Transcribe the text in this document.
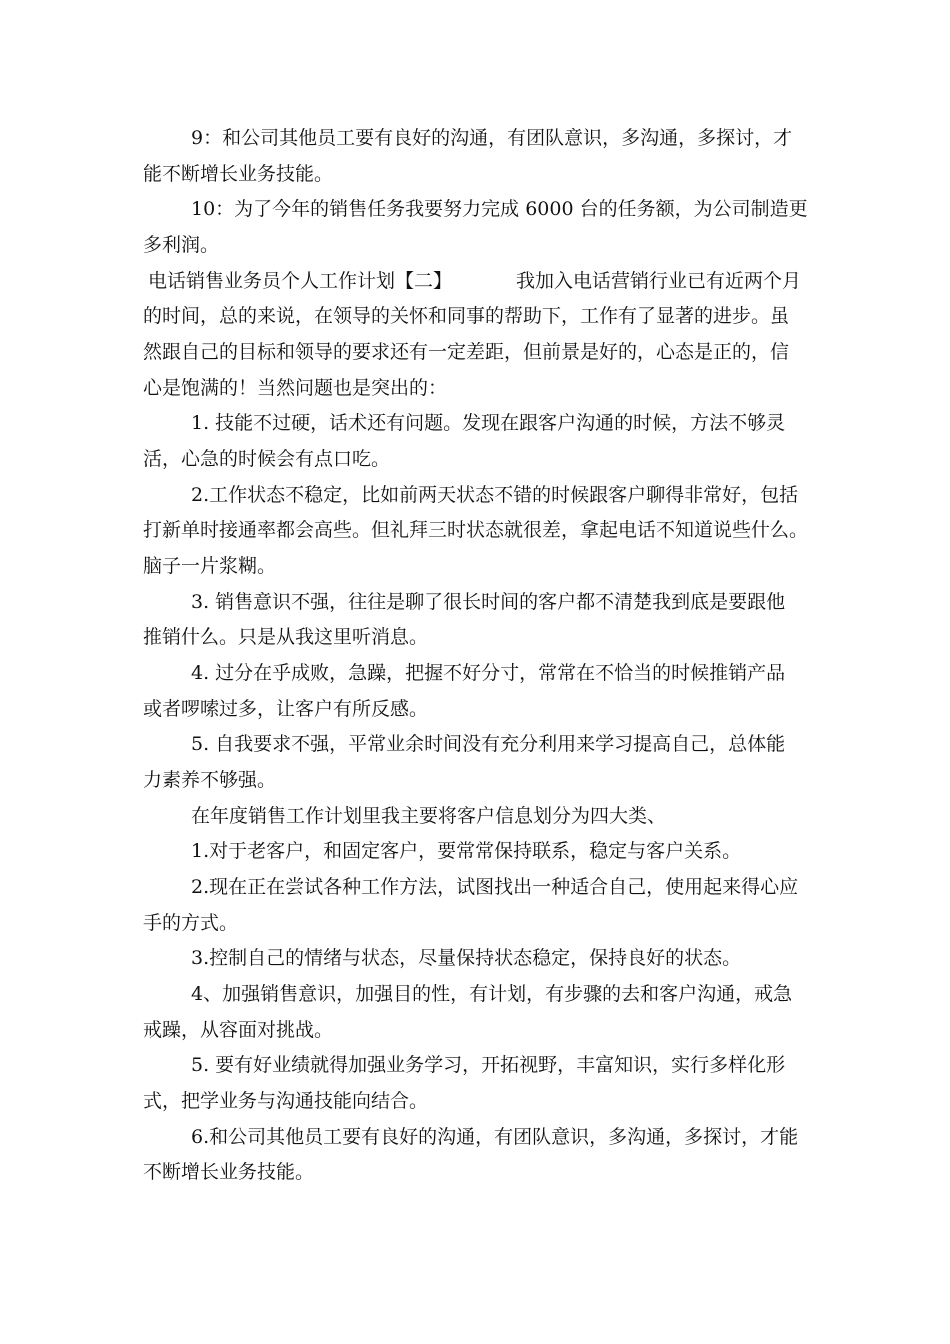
9：和公司其他员工要有良好的沟通，有团队意识，多沟通，多探讨，才

能不断增长业务技能。

10：为了今年的销售任务我要努力完成 6000 台的任务额，为公司制造更

多利润。

电话销售业务员个人工作计划【二】	我加入电话营销行业已有近两个月

的时间，总的来说，在领导的关怀和同事的帮助下，工作有了显著的进步。虽

然跟自己的目标和领导的要求还有一定差距，但前景是好的，心态是正的，信

心是饱满的！当然问题也是突出的：

1. 技能不过硬，话术还有问题。发现在跟客户沟通的时候，方法不够灵

活，心急的时候会有点口吃。

2.工作状态不稳定，比如前两天状态不错的时候跟客户聊得非常好，包括

打新单时接通率都会高些。但礼拜三时状态就很差，拿起电话不知道说些什么。

脑子一片浆糊。

3. 销售意识不强，往往是聊了很长时间的客户都不清楚我到底是要跟他

推销什么。只是从我这里听消息。

4. 过分在乎成败，急躁，把握不好分寸，常常在不恰当的时候推销产品

或者啰嗦过多，让客户有所反感。

5. 自我要求不强，平常业余时间没有充分利用来学习提高自己，总体能

力素养不够强。

在年度销售工作计划里我主要将客户信息划分为四大类、

1.对于老客户，和固定客户，要常常保持联系，稳定与客户关系。

2.现在正在尝试各种工作方法，试图找出一种适合自己，使用起来得心应

手的方式。

3.控制自己的情绪与状态，尽量保持状态稳定，保持良好的状态。

4、加强销售意识，加强目的性，有计划，有步骤的去和客户沟通，戒急

戒躁，从容面对挑战。

5. 要有好业绩就得加强业务学习，开拓视野，丰富知识，实行多样化形

式，把学业务与沟通技能向结合。

6.和公司其他员工要有良好的沟通，有团队意识，多沟通，多探讨，才能

不断增长业务技能。
